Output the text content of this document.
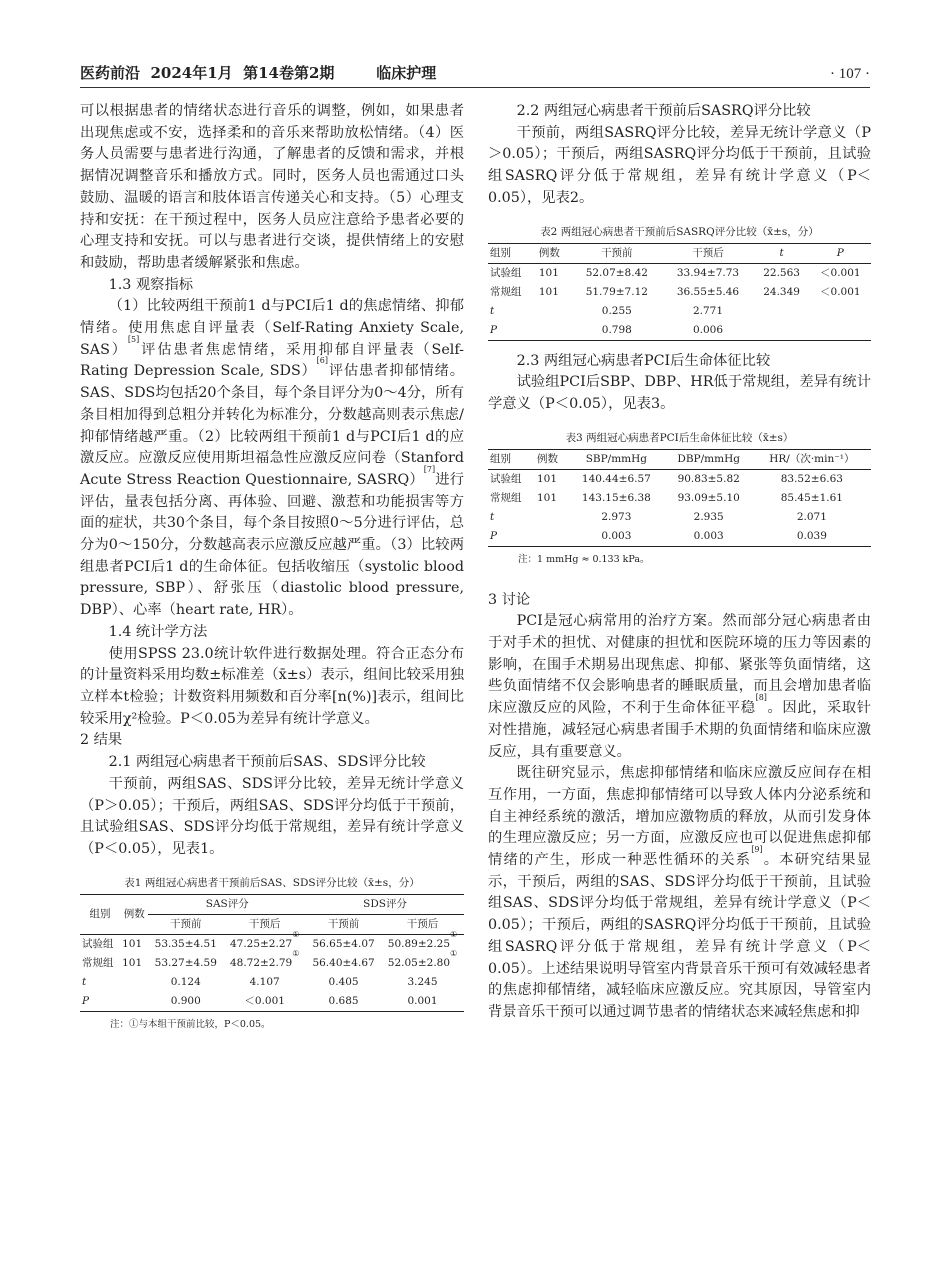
医药前沿
2024年1月
第14卷第2期
	临床护理	· 107 ·

可以根据患者的情绪状态进行音乐的调整，例如，如果患者出现焦虑或不安，选择柔和的音乐来帮助放松情绪。（4）医务人员需要与患者进行沟通，了解患者的反馈和需求，并根据情况调整音乐和播放方式。同时，医务人员也需通过口头鼓励、温暖的语言和肢体语言传递关心和支持。（5）心理支持和安抚：在干预过程中，医务人员应注意给予患者必要的心理支持和安抚。可以与患者进行交谈，提供情绪上的安慰和鼓励，帮助患者缓解紧张和焦虑。

1.3 观察指标

（1）比较两组干预前1 d与PCI后1 d的焦虑情绪、抑郁情绪。使用焦虑自评量表（Self-Rating Anxiety Scale, SAS）[5]评估患者焦虑情绪，采用抑郁自评量表（Self-Rating Depression Scale, SDS）[6]评估患者抑郁情绪。SAS、SDS均包括20个条目，每个条目评分为0～4分，所有条目相加得到总粗分并转化为标准分，分数越高则表示焦虑/抑郁情绪越严重。（2）比较两组干预前1 d与PCI后1 d的应激反应。应激反应使用斯坦福急性应激反应问卷（Stanford Acute Stress Reaction Questionnaire, SASRQ）[7]进行评估，量表包括分离、再体验、回避、激惹和功能损害等方面的症状，共30个条目，每个条目按照0～5分进行评估，总分为0～150分，分数越高表示应激反应越严重。（3）比较两组患者PCI后1 d的生命体征。包括收缩压（systolic blood pressure, SBP）、舒张压（diastolic blood pressure, DBP）、心率（heart rate, HR）。

1.4 统计学方法

使用SPSS 23.0统计软件进行数据处理。符合正态分布的计量资料采用均数±标准差（x̄±s）表示，组间比较采用独立样本t检验；计数资料用频数和百分率[n(%)]表示，组间比较采用χ²检验。P＜0.05为差异有统计学意义。

2 结果

2.1 两组冠心病患者干预前后SAS、SDS评分比较

干预前，两组SAS、SDS评分比较，差异无统计学意义（P＞0.05）；干预后，两组SAS、SDS评分均低于干预前，且试验组SAS、SDS评分均低于常规组，差异有统计学意义（P＜0.05），见表1。

表1 两组冠心病患者干预前后SAS、SDS评分比较（x̄±s，分）
组别	例数	SAS评分		SDS评分	
		干预前	干预后	干预前	干预后
试验组	101	53.35±4.51	47.25±2.27①	56.65±4.07	50.89±2.25①
常规组	101	53.27±4.59	48.72±2.79①	56.40±4.67	52.05±2.80①
t		0.124	4.107	0.405	3.245
P		0.900	＜0.001	0.685	0.001
注：①与本组干预前比较，P＜0.05。

2.2 两组冠心病患者干预前后SASRQ评分比较

干预前，两组SASRQ评分比较，差异无统计学意义（P＞0.05）；干预后，两组SASRQ评分均低于干预前，且试验组SASRQ评分低于常规组，差异有统计学意义（P＜0.05），见表2。

表2 两组冠心病患者干预前后SASRQ评分比较（x̄±s，分）
组别	例数	干预前	干预后	t	P
试验组	101	52.07±8.42	33.94±7.73	22.563	＜0.001
常规组	101	51.79±7.12	36.55±5.46	24.349	＜0.001
t		0.255	2.771		
P		0.798	0.006		

2.3 两组冠心病患者PCI后生命体征比较

试验组PCI后SBP、DBP、HR低于常规组，差异有统计学意义（P＜0.05），见表3。

表3 两组冠心病患者PCI后生命体征比较（x̄±s）
组别	例数	SBP/mmHg	DBP/mmHg	HR/（次·min⁻¹）
试验组	101	140.44±6.57	90.83±5.82	83.52±6.63
常规组	101	143.15±6.38	93.09±5.10	85.45±1.61
t		2.973	2.935	2.071
P		0.003	0.003	0.039
注：1 mmHg ≈ 0.133 kPa。

3 讨论

PCI是冠心病常用的治疗方案。然而部分冠心病患者由于对手术的担忧、对健康的担忧和医院环境的压力等因素的影响，在围手术期易出现焦虑、抑郁、紧张等负面情绪，这些负面情绪不仅会影响患者的睡眠质量，而且会增加患者临床应激反应的风险，不利于生命体征平稳[8]。因此，采取针对性措施，减轻冠心病患者围手术期的负面情绪和临床应激反应，具有重要意义。

既往研究显示，焦虑抑郁情绪和临床应激反应间存在相互作用，一方面，焦虑抑郁情绪可以导致人体内分泌系统和自主神经系统的激活，增加应激物质的释放，从而引发身体的生理应激反应；另一方面，应激反应也可以促进焦虑抑郁情绪的产生，形成一种恶性循环的关系[9]。本研究结果显示，干预后，两组的SAS、SDS评分均低于干预前，且试验组SAS、SDS评分均低于常规组，差异有统计学意义（P＜0.05）；干预后，两组的SASRQ评分均低于干预前，且试验组SASRQ评分低于常规组，差异有统计学意义（P＜0.05）。上述结果说明导管室内背景音乐干预可有效减轻患者的焦虑抑郁情绪，减轻临床应激反应。究其原因，导管室内背景音乐干预可以通过调节患者的情绪状态来减轻焦虑和抑
